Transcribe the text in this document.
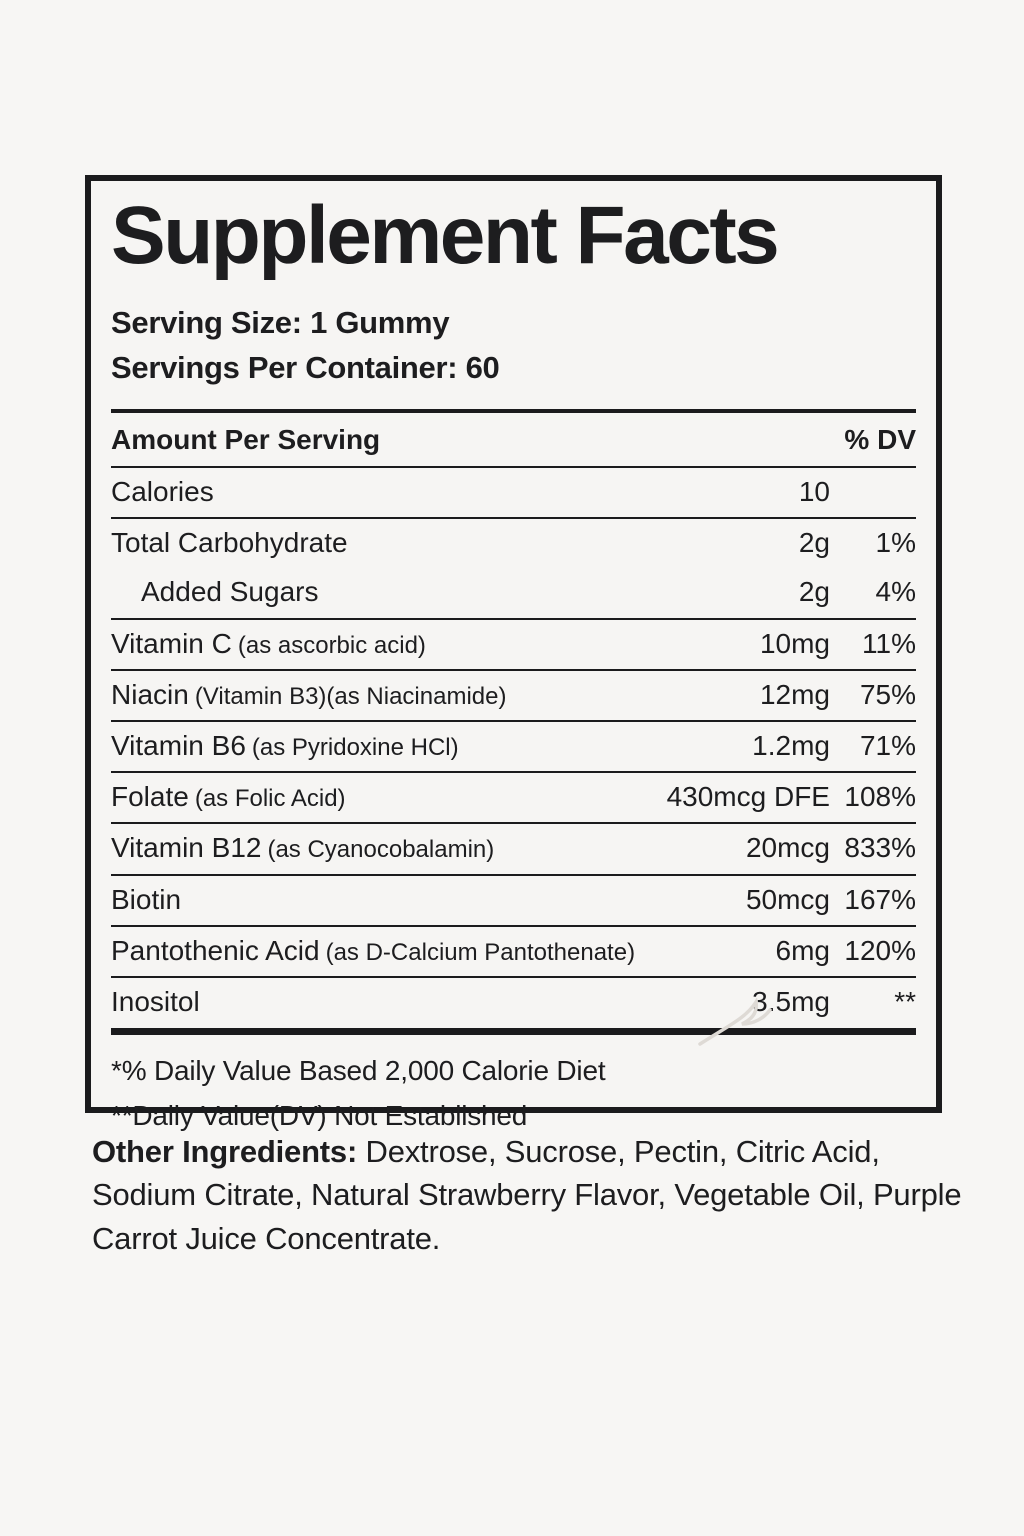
Supplement Facts
Serving Size: 1 Gummy
Servings Per Container: 60
Amount Per Serving	% DV
Calories	10
Total Carbohydrate	2g	1%
Added Sugars	2g	4%
Vitamin C (as ascorbic acid)	10mg	11%
Niacin (Vitamin B3)(as Niacinamide)	12mg	75%
Vitamin B6 (as Pyridoxine HCl)	1.2mg	71%
Folate (as Folic Acid)	430mcg DFE 108%
Vitamin B12 (as Cyanocobalamin)	20mcg 833%
Biotin	50mcg 167%
Pantothenic Acid (as D-Calcium Pantothenate)	6mg 120%
Inositol	3.5mg	**
*% Daily Value Based 2,000 Calorie Diet
**Daily Value(DV) Not Established

Other Ingredients: Dextrose, Sucrose, Pectin, Citric Acid, Sodium Citrate, Natural Strawberry Flavor, Vegetable Oil, Purple Carrot Juice Concentrate.
